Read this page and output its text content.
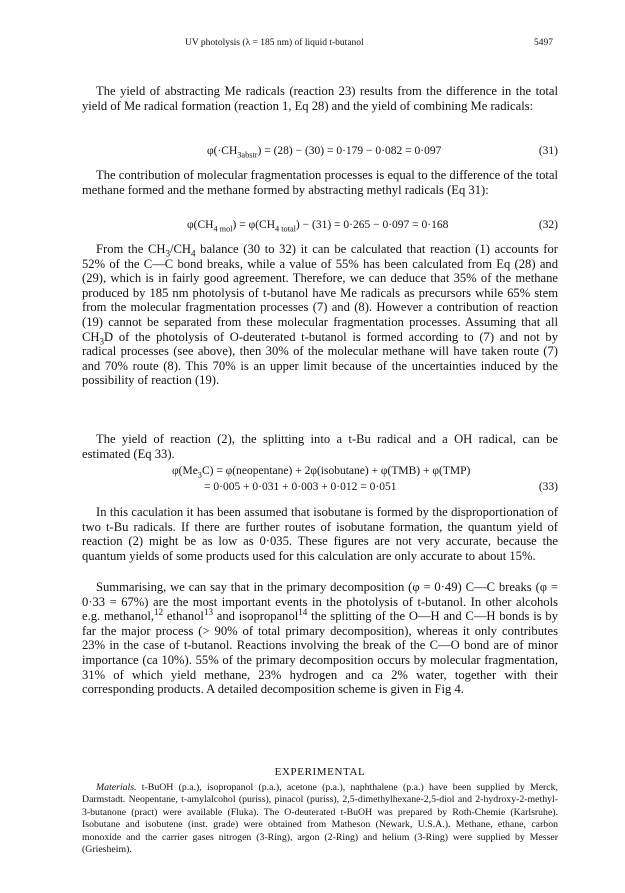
UV photolysis (λ = 185 nm) of liquid t-butanol	5497

The yield of abstracting Me radicals (reaction 23) results from the difference in the total yield of Me radical formation (reaction 1, Eq 28) and the yield of combining Me radicals:

$\varphi(\cdot CH_{3abstr}) = (28) - (30) = 0\cdot 179 - 0\cdot 082 = 0\cdot 097$	(31)

The contribution of molecular fragmentation processes is equal to the difference of the total methane formed and the methane formed by abstracting methyl radicals (Eq 31):

$\varphi(CH_{4 mol}) = \varphi(CH_{4 total}) - (31) = 0\cdot 265 - 0\cdot 097 = 0\cdot 168$	(32)

From the $CH_3/CH_4$ balance (30 to 32) it can be calculated that reaction (1) accounts for 52% of the C—C bond breaks, while a value of 55% has been calculated from Eq (28) and (29), which is in fairly good agreement. Therefore, we can deduce that 35% of the methane produced by 185 nm photolysis of t-butanol have Me radicals as precursors while 65% stem from the molecular fragmentation processes (7) and (8). However a contribution of reaction (19) cannot be separated from these molecular fragmentation processes. Assuming that all $CH_3D$ of the photolysis of O-deuterated t-butanol is formed according to (7) and not by radical processes (see above), then 30% of the molecular methane will have taken route (7) and 70% route (8). This 70% is an upper limit because of the uncertainties induced by the possibility of reaction (19).

The yield of reaction (2), the splitting into a t-Bu radical and a OH radical, can be estimated (Eq 33).

$\varphi(Me_3C)$ = φ(neopentane) + 2φ(isobutane) + φ(TMB) + φ(TMP)
= 0·005 + 0·031 + 0·003 + 0·012 = 0·051	(33)

In this caculation it has been assumed that isobutane is formed by the disproportionation of two t-Bu radicals. If there are further routes of isobutane formation, the quantum yield of reaction (2) might be as low as 0·035. These figures are not very accurate, because the quantum yields of some products used for this calculation are only accurate to about 15%.

Summarising, we can say that in the primary decomposition (φ = 0·49) C—C breaks (φ = 0·33 = 67%) are the most important events in the photolysis of t-butanol. In other alcohols e.g. methanol,$^{12}$ ethanol$^{13}$ and isopropanol$^{14}$ the splitting of the O—H and C—H bonds is by far the major process (> 90% of total primary decomposition), whereas it only contributes 23% in the case of t-butanol. Reactions involving the break of the C—O bond are of minor importance (ca 10%). 55% of the primary decomposition occurs by molecular fragmentation, 31% of which yield methane, 23% hydrogen and ca 2% water, together with their corresponding products. A detailed decomposition scheme is given in Fig 4.

EXPERIMENTAL

Materials. t-BuOH (p.a.), isopropanol (p.a.), acetone (p.a.), naphthalene (p.a.) have been supplied by Merck, Darmstadt. Neopentane, t-amylalcohol (puriss), pinacol (puriss), 2,5-dimethylhexane-2,5-diol and 2-hydroxy-2-methyl-3-butanone (pract) were available (Fluka). The O-deuterated t-BuOH was prepared by Roth-Chemie (Karlsruhe). Isobutane and isobutene (inst. grade) were obtained from Matheson (Newark, U.S.A.). Methane, ethane, carbon monoxide and the carrier gases nitrogen (3-Ring), argon (2-Ring) and helium (3-Ring) were supplied by Messer (Griesheim).
